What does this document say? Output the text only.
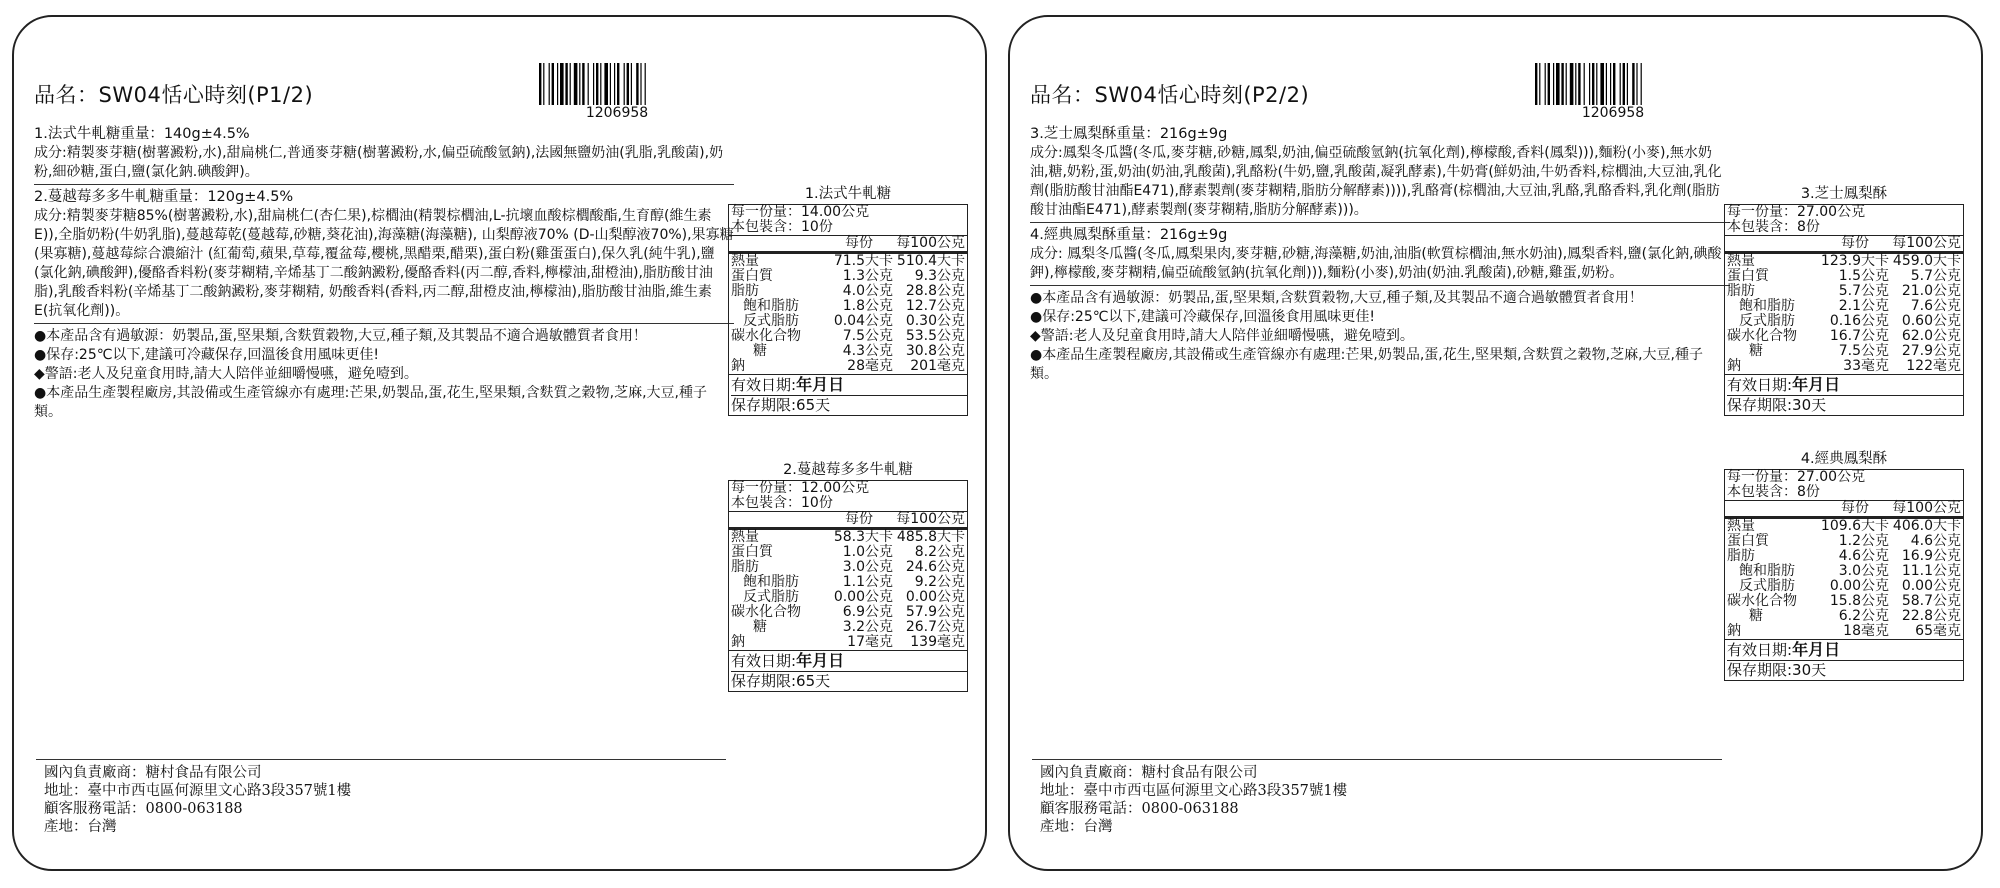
品名：SW04恬心時刻(P1/2)
1206958

1.法式牛軋糖重量：140g±4.5%

成分:精製麥芽糖(樹薯澱粉,水),甜扁桃仁,普通麥芽糖(樹薯澱粉,水,偏亞硫酸氫鈉),法國無鹽奶油(乳脂,乳酸菌),奶粉,細砂糖,蛋白,鹽(氯化鈉.碘酸鉀)。

2.蔓越莓多多牛軋糖重量：120g±4.5%

成分:精製麥芽糖85%(樹薯澱粉,水),甜扁桃仁(杏仁果),棕櫚油(精製棕櫚油,L-抗壞血酸棕櫚酸酯,生育醇(維生素E)),全脂奶粉(牛奶乳脂),蔓越莓乾(蔓越莓,砂糖,葵花油),海藻糖(海藻糖), 山梨醇液70% (D-山梨醇液70%),果寡糖(果寡糖),蔓越莓綜合濃縮汁 (紅葡萄,蘋果,草莓,覆盆莓,櫻桃,黑醋栗,醋栗),蛋白粉(雞蛋蛋白),保久乳(純牛乳),鹽(氯化鈉,碘酸鉀),優酪香料粉(麥芽糊精,辛烯基丁二酸鈉澱粉,優酪香料(丙二醇,香料,檸檬油,甜橙油),脂肪酸甘油脂),乳酸香料粉(辛烯基丁二酸鈉澱粉,麥芽糊精, 奶酸香料(香料,丙二醇,甜橙皮油,檸檬油),脂肪酸甘油脂,維生素E(抗氧化劑))。

●本產品含有過敏源：奶製品,蛋,堅果類,含麩質穀物,大豆,種子類,及其製品不適合過敏體質者食用！

●保存:25℃以下,建議可冷藏保存,回溫後食用風味更佳!

◆警語:老人及兒童食用時,請大人陪伴並細嚼慢嚥，避免噎到。

●本產品生產製程廠房,其設備或生產管線亦有處理:芒果,奶製品,蛋,花生,堅果類,含麩質之穀物,芝麻,大豆,種子類。

1.法式牛軋糖
每一份量：14.00公克
本包裝含：10份
每份	每100公克
熱量	71.5大卡 510.4大卡
蛋白質	1.3公克	9.3公克
脂肪	4.0公克 28.8公克
飽和脂肪	1.8公克 12.7公克
反式脂肪	0.04公克 0.30公克
碳水化合物	7.5公克 53.5公克
糖	4.3公克 30.8公克
鈉	28毫克	201毫克
有效日期:年月日
保存期限:65天
2.蔓越莓多多牛軋糖
每一份量：12.00公克
本包裝含：10份
每份	每100公克
熱量	58.3大卡 485.8大卡
蛋白質	1.0公克	8.2公克
脂肪	3.0公克 24.6公克
飽和脂肪	1.1公克	9.2公克
反式脂肪	0.00公克 0.00公克
碳水化合物	6.9公克 57.9公克
糖	3.2公克 26.7公克
鈉	17毫克	139毫克
有效日期:年月日
保存期限:65天
國內負責廠商：糖村食品有限公司
地址：臺中市西屯區何源里文心路3段357號1樓
顧客服務電話：0800-063188
產地：台灣
品名：SW04恬心時刻(P2/2)
1206958

3.芝士鳳梨酥重量：216g±9g

成分:鳳梨冬瓜醬(冬瓜,麥芽糖,砂糖,鳳梨,奶油,偏亞硫酸氫鈉(抗氧化劑),檸檬酸,香料(鳳梨))),麵粉(小麥),無水奶油,糖,奶粉,蛋,奶油(奶油,乳酸菌),乳酪粉(牛奶,鹽,乳酸菌,凝乳酵素),牛奶膏(鮮奶油,牛奶香料,棕櫚油,大豆油,乳化劑(脂肪酸甘油酯E471),酵素製劑(麥芽糊精,脂肪分解酵素)))),乳酪膏(棕櫚油,大豆油,乳酪,乳酪香料,乳化劑(脂肪酸甘油酯E471),酵素製劑(麥芽糊精,脂肪分解酵素)))。

4.經典鳳梨酥重量：216g±9g

成分: 鳳梨冬瓜醬(冬瓜,鳳梨果肉,麥芽糖,砂糖,海藻糖,奶油,油脂(軟質棕櫚油,無水奶油),鳳梨香料,鹽(氯化鈉,碘酸鉀),檸檬酸,麥芽糊精,偏亞硫酸氫鈉(抗氧化劑))),麵粉(小麥),奶油(奶油.乳酸菌),砂糖,雞蛋,奶粉。

●本產品含有過敏源：奶製品,蛋,堅果類,含麩質穀物,大豆,種子類,及其製品不適合過敏體質者食用！

●保存:25℃以下,建議可冷藏保存,回溫後食用風味更佳!

◆警語:老人及兒童食用時,請大人陪伴並細嚼慢嚥，避免噎到。

●本產品生產製程廠房,其設備或生產管線亦有處理:芒果,奶製品,蛋,花生,堅果類,含麩質之穀物,芝麻,大豆,種子類。

3.芝士鳳梨酥
每一份量：27.00公克
本包裝含：8份
每份	每100公克
熱量	123.9大卡 459.0大卡
蛋白質	1.5公克	5.7公克
脂肪	5.7公克 21.0公克
飽和脂肪	2.1公克	7.6公克
反式脂肪	0.16公克 0.60公克
碳水化合物	16.7公克 62.0公克
糖	7.5公克 27.9公克
鈉	33毫克	122毫克
有效日期:年月日
保存期限:30天
4.經典鳳梨酥
每一份量：27.00公克
本包裝含：8份
每份	每100公克
熱量	109.6大卡 406.0大卡
蛋白質	1.2公克	4.6公克
脂肪	4.6公克 16.9公克
飽和脂肪	3.0公克 11.1公克
反式脂肪	0.00公克 0.00公克
碳水化合物	15.8公克 58.7公克
糖	6.2公克 22.8公克
鈉	18毫克	65毫克
有效日期:年月日
保存期限:30天
國內負責廠商：糖村食品有限公司
地址：臺中市西屯區何源里文心路3段357號1樓
顧客服務電話：0800-063188
產地：台灣
